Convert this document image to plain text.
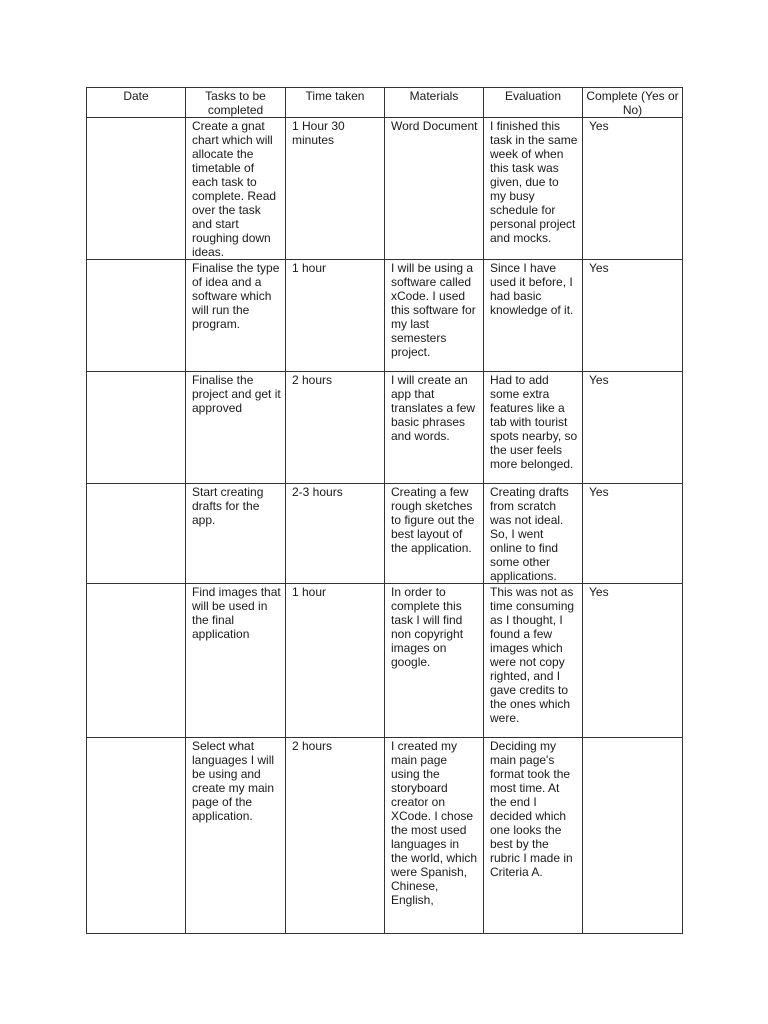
Date	Tasks to be completed	Time taken	Materials	Evaluation	Complete (Yes or No)
	Create a gnat chart which will allocate the timetable of each task to complete. Read over the task and start roughing down ideas.	1 Hour 30 minutes	Word Document	I finished this task in the same week of when this task was given, due to my busy schedule for personal project and mocks.	Yes
	Finalise the type of idea and a software which will run the program.	1 hour	I will be using a software called xCode. I used this software for my last semesters project.	Since I have used it before, I had basic knowledge of it.	Yes
	Finalise the project and get it approved	2 hours	I will create an app that translates a few basic phrases and words.	Had to add some extra features like a tab with tourist spots nearby, so the user feels more belonged.	Yes
	Start creating drafts for the app.	2-3 hours	Creating a few rough sketches to figure out the best layout of the application.	Creating drafts from scratch was not ideal. So, I went online to find some other applications.	Yes
	Find images that will be used in the final application	1 hour	In order to complete this task I will find non copyright images on google.	This was not as time consuming as I thought, I found a few images which were not copy righted, and I gave credits to the ones which were.	Yes
	Select what languages I will be using and create my main page of the application.	2 hours	I created my main page using the storyboard creator on XCode. I chose the most used languages in the world, which were Spanish, Chinese, English,	Deciding my main page's format took the most time. At the end I decided which one looks the best by the rubric I made in Criteria A.	
